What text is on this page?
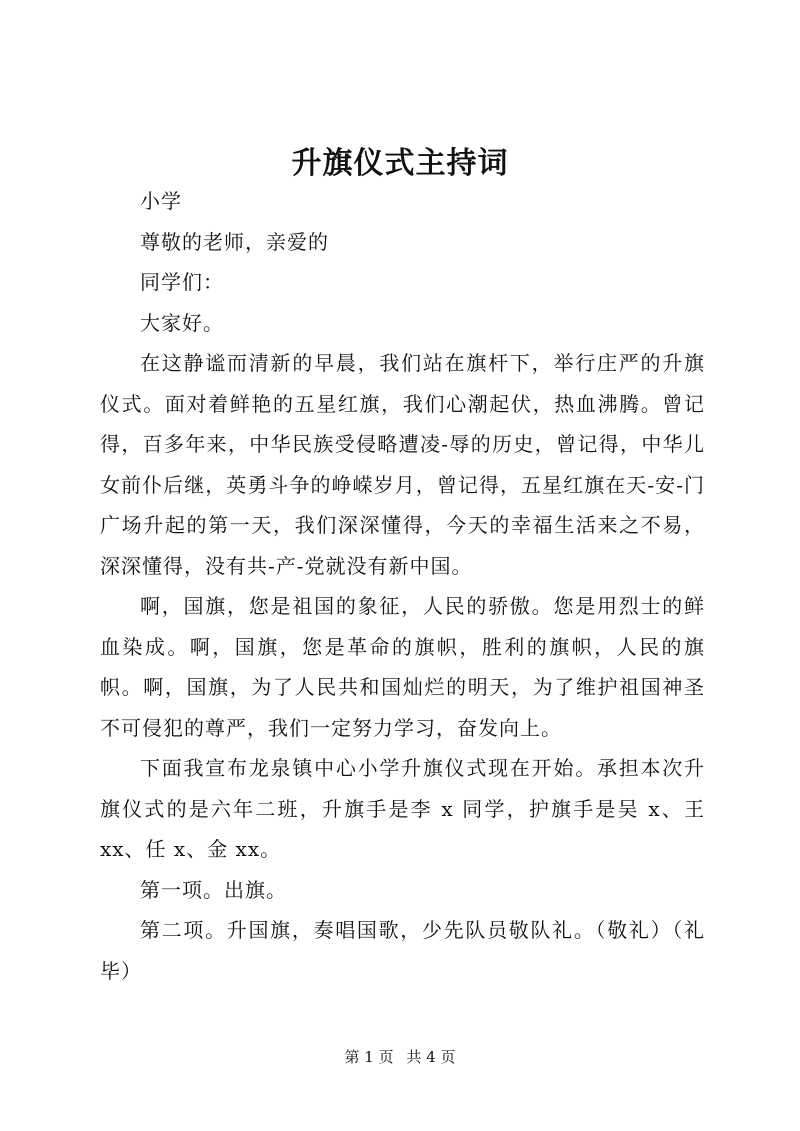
升旗仪式主持词

小学

尊敬的老师，亲爱的

同学们：

大家好。

在这静谧而清新的早晨，我们站在旗杆下，举行庄严的升旗仪式。面对着鲜艳的五星红旗，我们心潮起伏，热血沸腾。曾记得，百多年来，中华民族受侵略遭凌-辱的历史，曾记得，中华儿女前仆后继，英勇斗争的峥嵘岁月，曾记得，五星红旗在天-安-门广场升起的第一天，我们深深懂得，今天的幸福生活来之不易，深深懂得，没有共-产-党就没有新中国。

啊，国旗，您是祖国的象征，人民的骄傲。您是用烈士的鲜血染成。啊，国旗，您是革命的旗帜，胜利的旗帜，人民的旗帜。啊，国旗，为了人民共和国灿烂的明天，为了维护祖国神圣不可侵犯的尊严，我们一定努力学习，奋发向上。

下面我宣布龙泉镇中心小学升旗仪式现在开始。承担本次升旗仪式的是六年二班，升旗手是李 x 同学，护旗手是吴 x、王 xx、任 x、金 xx。

第一项。出旗。

第二项。升国旗，奏唱国歌，少先队员敬队礼。（敬礼）（礼毕）

第 1 页 共 4 页
